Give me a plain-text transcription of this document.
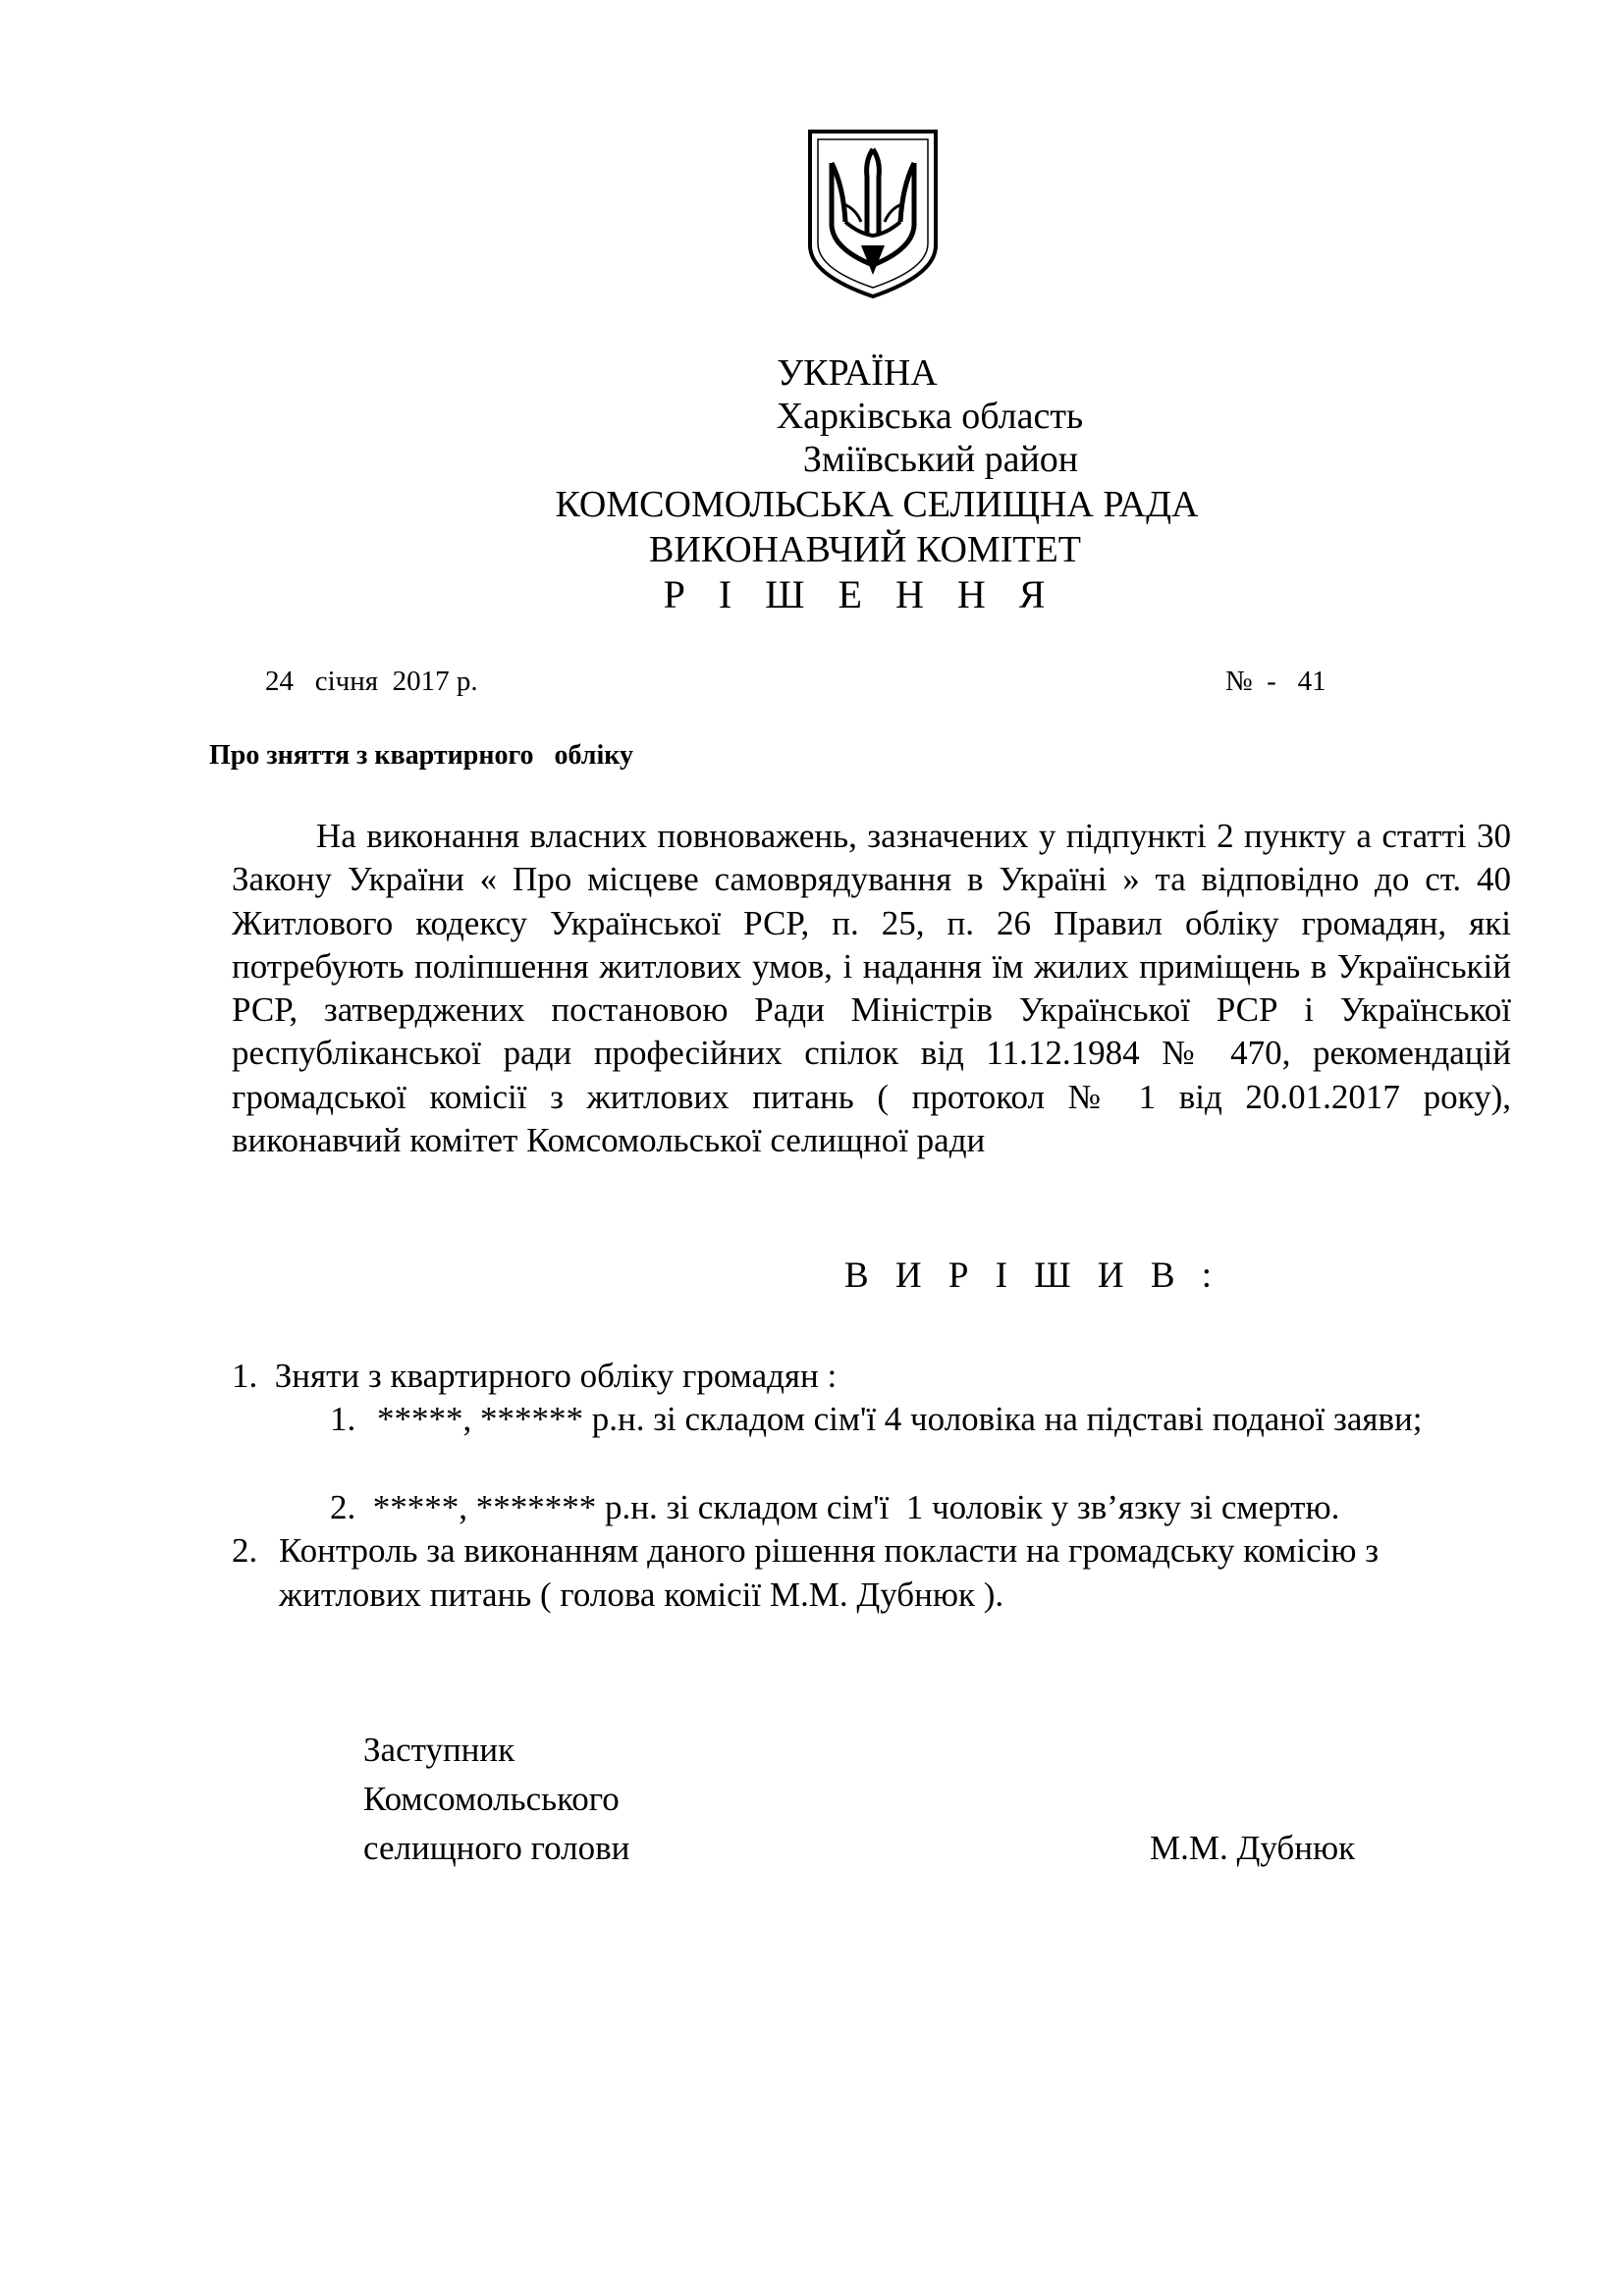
УКРАЇНА
Харківська область
Зміївський район
КОМСОМОЛЬСЬКА СЕЛИЩНА РАДА
ВИКОНАВЧИЙ КОМІТЕТ
Р І Ш Е Н Н Я
24   січня  2017 р.	№  -   41
Про зняття з квартирного   обліку

На виконання власних повноважень, зазначених у підпункті 2 пункту а статті 30 Закону України « Про місцеве самоврядування в Україні » та відповідно до ст. 40 Житлового кодексу Української РСР, п. 25, п. 26 Правил обліку громадян, які потребують поліпшення житлових умов, і надання їм жилих приміщень в Українській РСР, затверджених постановою Ради Міністрів Української РСР і Української республіканської ради професійних спілок від 11.12.1984 № 470, рекомендацій громадської комісії з житлових питань ( протокол № 1 від 20.01.2017 року), виконавчий комітет Комсомольської селищної ради

В И Р І Ш И В :
1. Зняти з квартирного обліку громадян :
1. *****, ****** р.н. зі складом сім'ї 4 чоловіка на підставі поданої заяви;
2. *****, ******* р.н. зі складом сім'ї  1 чоловік у зв’язку зі смертю.
2. Контроль за виконанням даного рішення покласти на громадську комісію з житлових питань ( голова комісії М.М. Дубнюк ).
Заступник
Комсомольського
селищного голови	М.М. Дубнюк
